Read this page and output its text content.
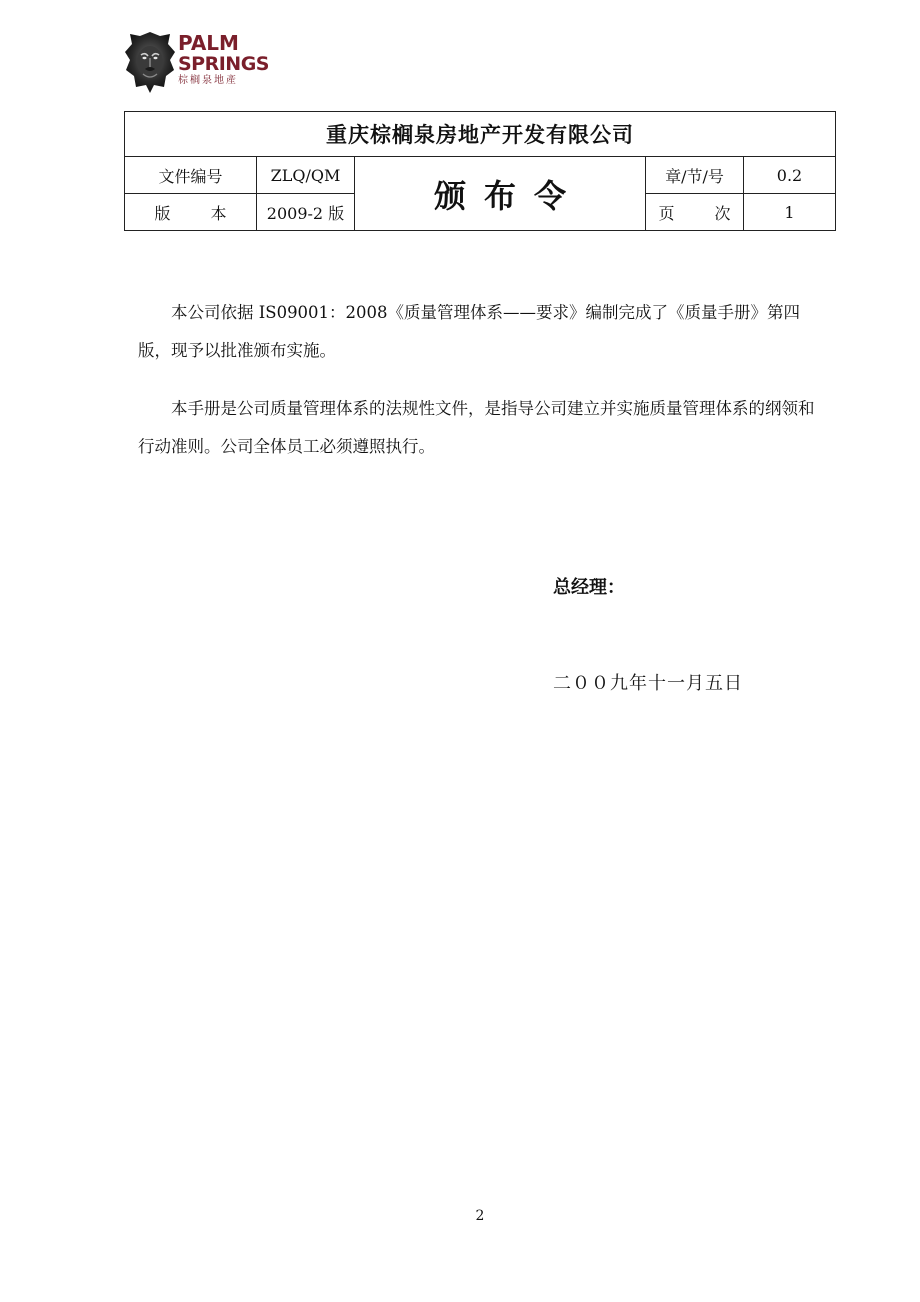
PALM
SPRINGS
棕榈泉地產
重庆棕榈泉房地产开发有限公司				
文件编号	ZLQ/QM	颁布令	章/节/号	0.2
版 本	2009-2 版		页 次	1

本公司依据 IS09001：2008《质量管理体系——要求》编制完成了《质量手册》第四版，现予以批准颁布实施。

本手册是公司质量管理体系的法规性文件，是指导公司建立并实施质量管理体系的纲领和行动准则。公司全体员工必须遵照执行。

总经理：
二００九年十一月五日
2
